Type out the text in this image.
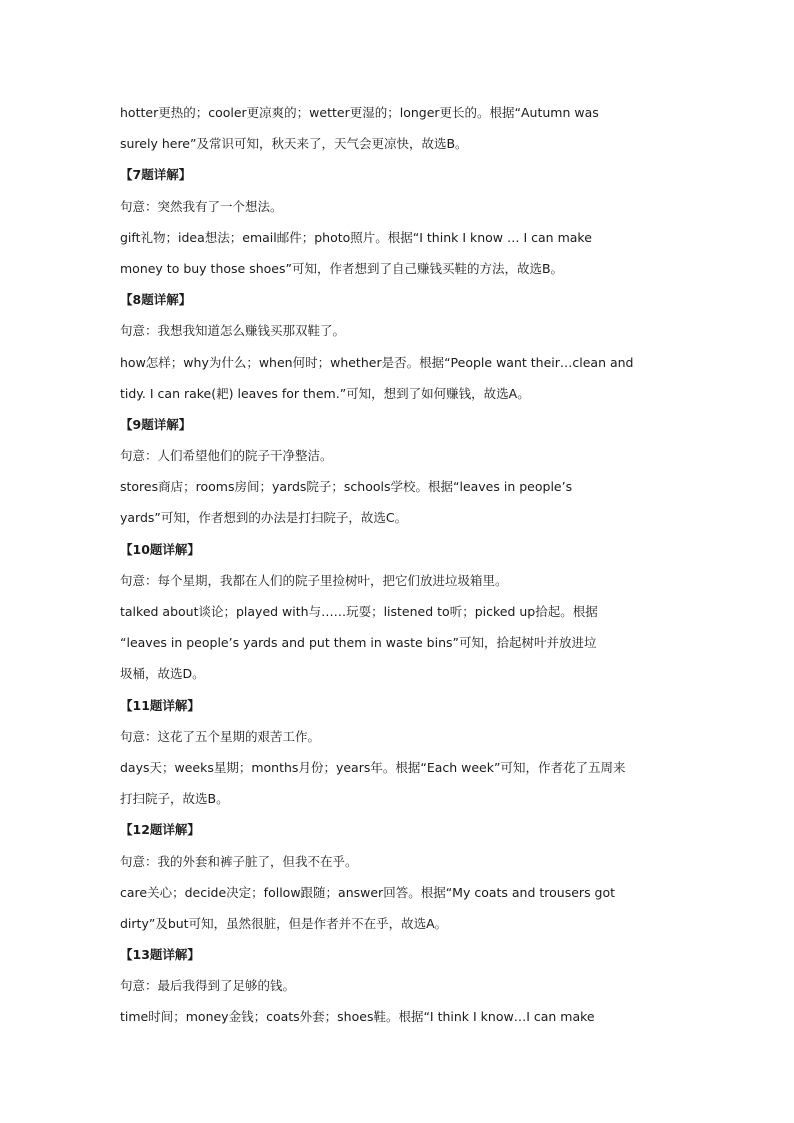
hotter更热的；cooler更凉爽的；wetter更湿的；longer更长的。根据“Autumn was
surely here”及常识可知，秋天来了，天气会更凉快，故选B。
【7题详解】
句意：突然我有了一个想法。
gift礼物；idea想法；email邮件；photo照片。根据“I think I know … I can make
money to buy those shoes”可知，作者想到了自己赚钱买鞋的方法，故选B。
【8题详解】
句意：我想我知道怎么赚钱买那双鞋了。
how怎样；why为什么；when何时；whether是否。根据“People want their…clean and
tidy. I can rake(耙) leaves for them.”可知，想到了如何赚钱，故选A。
【9题详解】
句意：人们希望他们的院子干净整洁。
stores商店；rooms房间；yards院子；schools学校。根据“leaves in people’s
yards”可知，作者想到的办法是打扫院子，故选C。
【10题详解】
句意：每个星期，我都在人们的院子里捡树叶，把它们放进垃圾箱里。
talked about谈论；played with与……玩耍；listened to听；picked up拾起。根据
“leaves in people’s yards and put them in waste bins”可知，拾起树叶并放进垃
圾桶，故选D。
【11题详解】
句意：这花了五个星期的艰苦工作。
days天；weeks星期；months月份；years年。根据“Each week”可知，作者花了五周来
打扫院子，故选B。
【12题详解】
句意：我的外套和裤子脏了，但我不在乎。
care关心；decide决定；follow跟随；answer回答。根据“My coats and trousers got
dirty”及but可知，虽然很脏，但是作者并不在乎，故选A。
【13题详解】
句意：最后我得到了足够的钱。
time时间；money金钱；coats外套；shoes鞋。根据“I think I know…I can make
